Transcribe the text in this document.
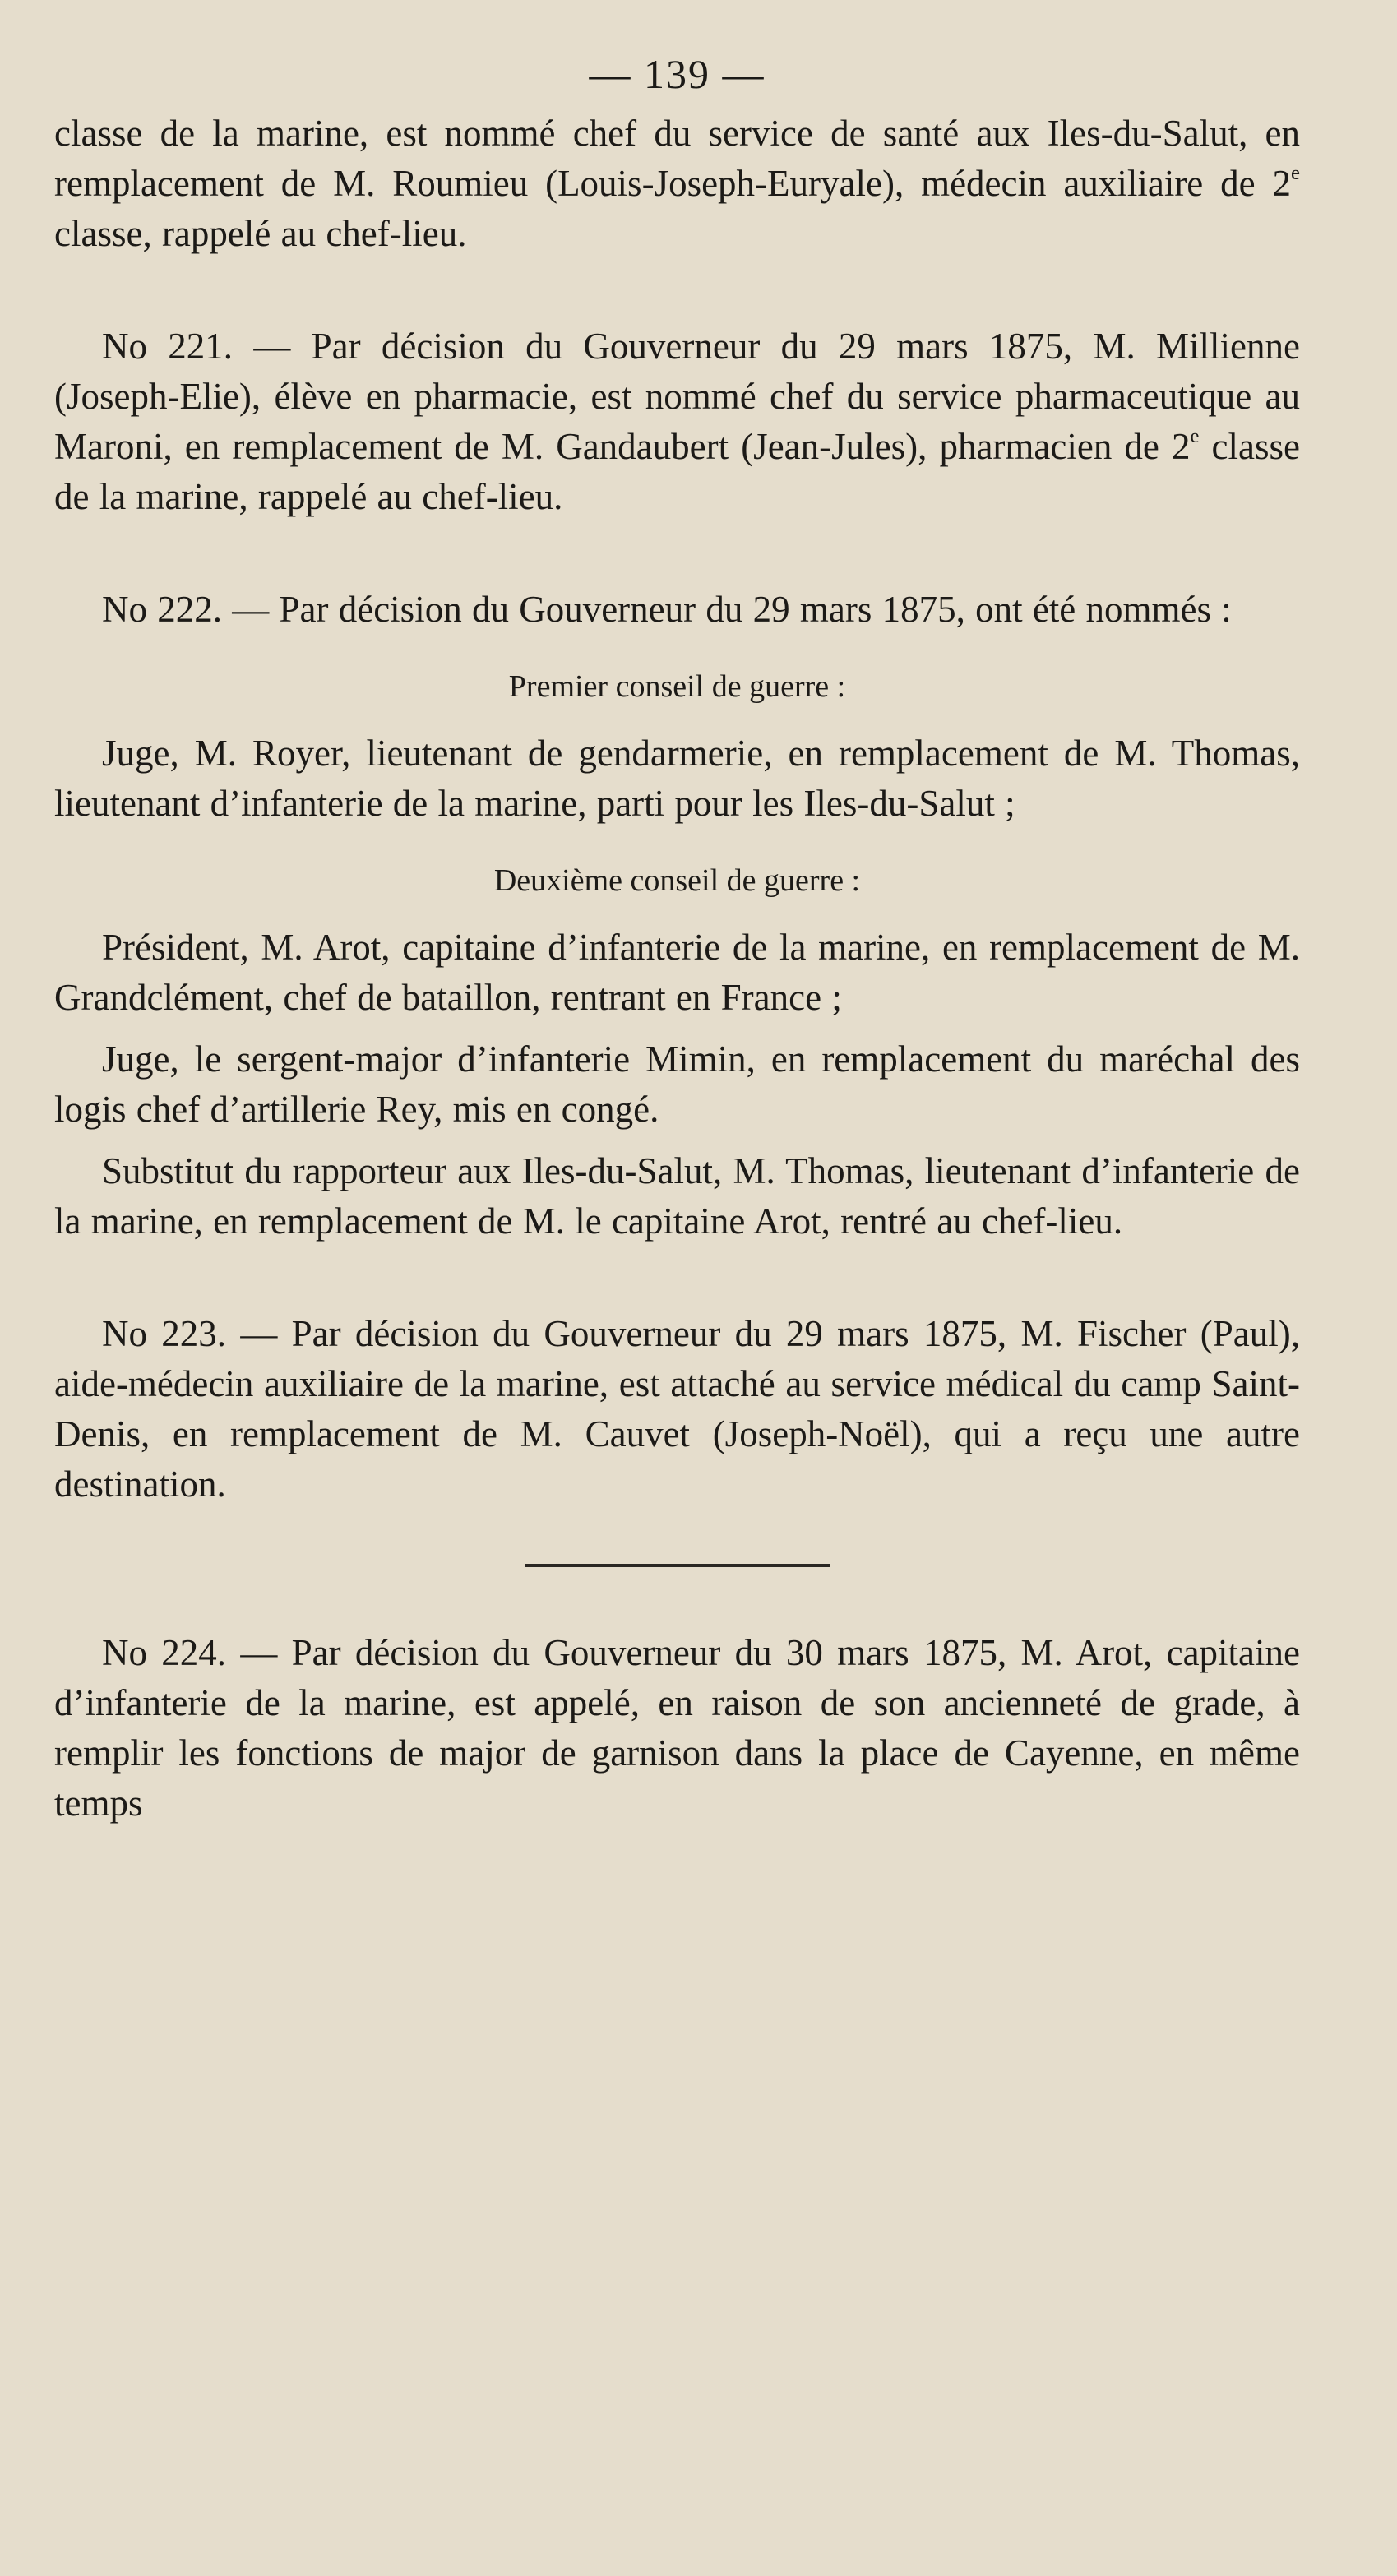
— 139 —

classe de la marine, est nommé chef du service de santé aux Iles-du-Salut, en remplacement de M. Roumieu (Louis-Joseph-Euryale), médecin auxiliaire de 2e classe, rappelé au chef-lieu.

No 221. — Par décision du Gouverneur du 29 mars 1875, M. Millienne (Joseph-Elie), élève en pharmacie, est nommé chef du service pharmaceutique au Maroni, en remplacement de M. Gandaubert (Jean-Jules), pharmacien de 2e classe de la marine, rappelé au chef-lieu.

No 222. — Par décision du Gouverneur du 29 mars 1875, ont été nommés :

Premier conseil de guerre :

Juge, M. Royer, lieutenant de gendarmerie, en remplacement de M. Thomas, lieutenant d’infanterie de la marine, parti pour les Iles-du-Salut ;

Deuxième conseil de guerre :

Président, M. Arot, capitaine d’infanterie de la marine, en remplacement de M. Grandclément, chef de bataillon, rentrant en France ;

Juge, le sergent-major d’infanterie Mimin, en remplacement du maréchal des logis chef d’artillerie Rey, mis en congé.

Substitut du rapporteur aux Iles-du-Salut, M. Thomas, lieutenant d’infanterie de la marine, en remplacement de M. le capitaine Arot, rentré au chef-lieu.

No 223. — Par décision du Gouverneur du 29 mars 1875, M. Fischer (Paul), aide-médecin auxiliaire de la marine, est attaché au service médical du camp Saint-Denis, en remplacement de M. Cauvet (Joseph-Noël), qui a reçu une autre destination.

No 224. — Par décision du Gouverneur du 30 mars 1875, M. Arot, capitaine d’infanterie de la marine, est appelé, en raison de son ancienneté de grade, à remplir les fonctions de major de garnison dans la place de Cayenne, en même temps
